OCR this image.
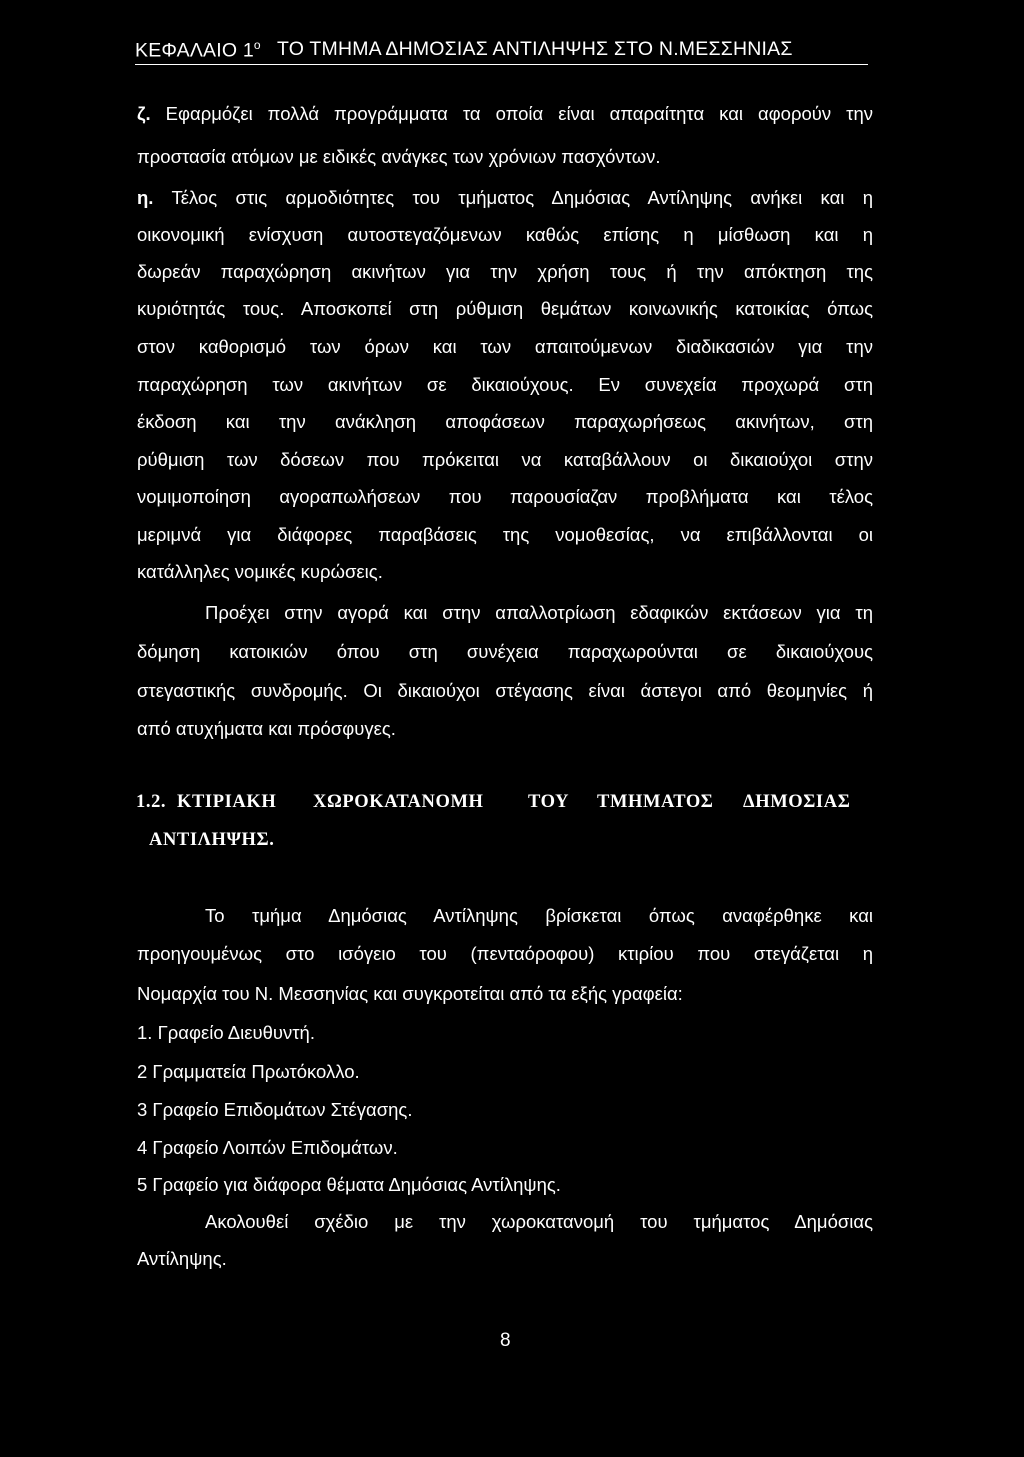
ΚΕΦΑΛΑΙΟ $1^o$ ΤΟ ΤΜΗΜΑ ΔΗΜΟΣΙΑΣ ΑΝΤΙΛΗΨΗΣ ΣΤΟ Ν.ΜΕΣΣΗΝΙΑΣ
ζ. Εφαρμόζει πολλά προγράμματα τα οποία είναι απαραίτητα και αφορούν την
προστασία ατόμων με ειδικές ανάγκες των χρόνιων πασχόντων.
η. Τέλος στις αρμοδιότητες του τμήματος Δημόσιας Αντίληψης ανήκει και η
οικονομική ενίσχυση αυτοστεγαζόμενων καθώς επίσης η μίσθωση και η
δωρεάν παραχώρηση ακινήτων για την χρήση τους ή την απόκτηση της
κυριότητάς τους. Αποσκοπεί στη ρύθμιση θεμάτων κοινωνικής κατοικίας όπως
στον καθορισμό των όρων και των απαιτούμενων διαδικασιών για την
παραχώρηση των ακινήτων σε δικαιούχους. Εν συνεχεία προχωρά στη
έκδοση και την ανάκληση αποφάσεων παραχωρήσεως ακινήτων, στη
ρύθμιση των δόσεων που πρόκειται να καταβάλλουν οι δικαιούχοι στην
νομιμοποίηση αγοραπωλήσεων που παρουσίαζαν προβλήματα και τέλος
μεριμνά για διάφορες παραβάσεις της νομοθεσίας, να επιβάλλονται οι
κατάλληλες νομικές κυρώσεις.
Προέχει στην αγορά και στην απαλλοτρίωση εδαφικών εκτάσεων για τη
δόμηση κατοικιών όπου στη συνέχεια παραχωρούνται σε δικαιούχους
στεγαστικής συνδρομής. Οι δικαιούχοι στέγασης είναι άστεγοι από θεομηνίες ή
από ατυχήματα και πρόσφυγες.
1.2. ΚΤΙΡΙΑΚΗ ΧΩΡΟΚΑΤΑΝΟΜΗ ΤΟΥ ΤΜΗΜΑΤΟΣ ΔΗΜΟΣΙΑΣ
ΑΝΤΙΛΗΨΗΣ.
Το τμήμα Δημόσιας Αντίληψης βρίσκεται όπως αναφέρθηκε και
προηγουμένως στο ισόγειο του (πενταόροφου) κτιρίου που στεγάζεται η
Νομαρχία του Ν. Μεσσηνίας και συγκροτείται από τα εξής γραφεία:
1. Γραφείο Διευθυντή.
2 Γραμματεία Πρωτόκολλο.
3 Γραφείο Επιδομάτων Στέγασης.
4 Γραφείο Λοιπών Επιδομάτων.
5 Γραφείο για διάφορα θέματα Δημόσιας Αντίληψης.
Ακολουθεί σχέδιο με την χωροκατανομή του τμήματος Δημόσιας
Αντίληψης.
8
